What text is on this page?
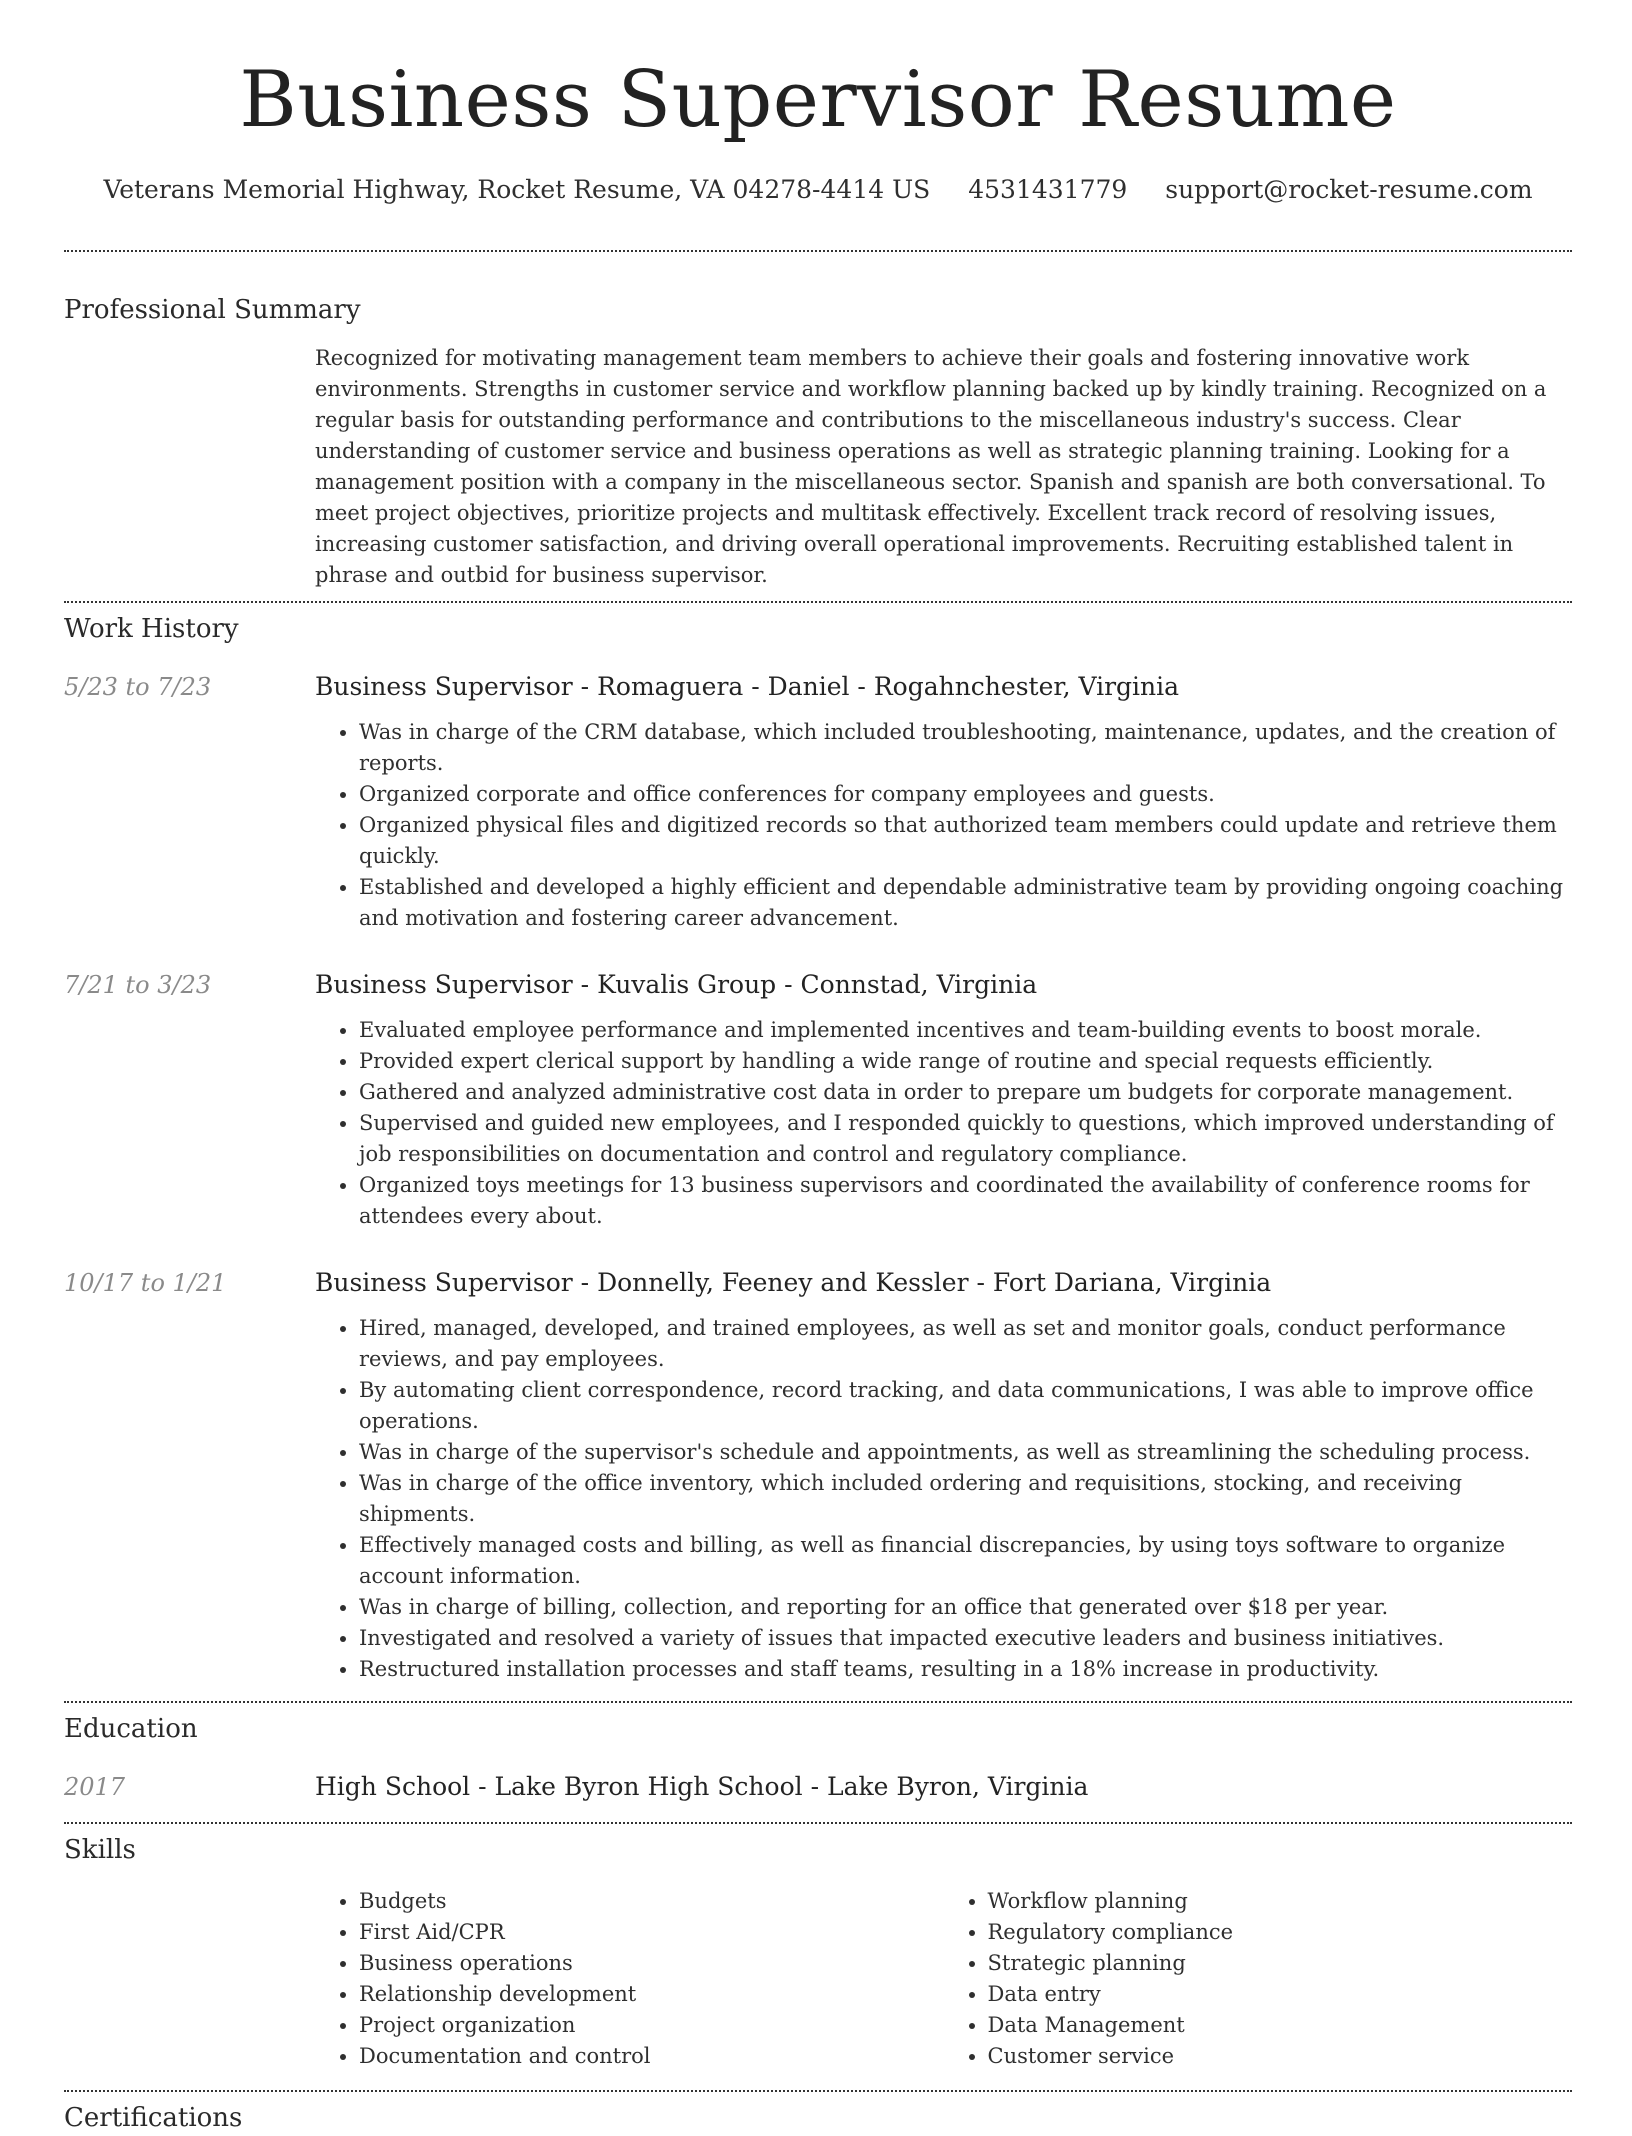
Business Supervisor Resume
Veterans Memorial Highway, Rocket Resume, VA 04278-4414 US 4531431779 support@rocket-resume.com
Professional Summary

Recognized for motivating management team members to achieve their goals and fostering innovative work environments. Strengths in customer service and workflow planning backed up by kindly training. Recognized on a regular basis for outstanding performance and contributions to the miscellaneous industry's success. Clear understanding of customer service and business operations as well as strategic planning training. Looking for a management position with a company in the miscellaneous sector. Spanish and spanish are both conversational. To meet project objectives, prioritize projects and multitask effectively. Excellent track record of resolving issues, increasing customer satisfaction, and driving overall operational improvements. Recruiting established talent in phrase and outbid for business supervisor.

Work History
5/23 to 7/23	Business Supervisor - Romaguera - Daniel - Rogahnchester, Virginia
• Was in charge of the CRM database, which included troubleshooting, maintenance, updates, and the creation of reports.
• Organized corporate and office conferences for company employees and guests.
• Organized physical files and digitized records so that authorized team members could update and retrieve them quickly.
• Established and developed a highly efficient and dependable administrative team by providing ongoing coaching and motivation and fostering career advancement.
7/21 to 3/23	Business Supervisor - Kuvalis Group - Connstad, Virginia
• Evaluated employee performance and implemented incentives and team-building events to boost morale.
• Provided expert clerical support by handling a wide range of routine and special requests efficiently.
• Gathered and analyzed administrative cost data in order to prepare um budgets for corporate management.
• Supervised and guided new employees, and I responded quickly to questions, which improved understanding of job responsibilities on documentation and control and regulatory compliance.
• Organized toys meetings for 13 business supervisors and coordinated the availability of conference rooms for attendees every about.
10/17 to 1/21	Business Supervisor - Donnelly, Feeney and Kessler - Fort Dariana, Virginia
• Hired, managed, developed, and trained employees, as well as set and monitor goals, conduct performance reviews, and pay employees.
• By automating client correspondence, record tracking, and data communications, I was able to improve office operations.
• Was in charge of the supervisor's schedule and appointments, as well as streamlining the scheduling process.
• Was in charge of the office inventory, which included ordering and requisitions, stocking, and receiving shipments.
• Effectively managed costs and billing, as well as financial discrepancies, by using toys software to organize account information.
• Was in charge of billing, collection, and reporting for an office that generated over $18 per year.
• Investigated and resolved a variety of issues that impacted executive leaders and business initiatives.
• Restructured installation processes and staff teams, resulting in a 18% increase in productivity.
Education
2017	High School - Lake Byron High School - Lake Byron, Virginia
Skills
• Budgets
• First Aid/CPR
• Business operations
• Relationship development
• Project organization
• Documentation and control
• Workflow planning
• Regulatory compliance
• Strategic planning
• Data entry
• Data Management
• Customer service
Certifications
